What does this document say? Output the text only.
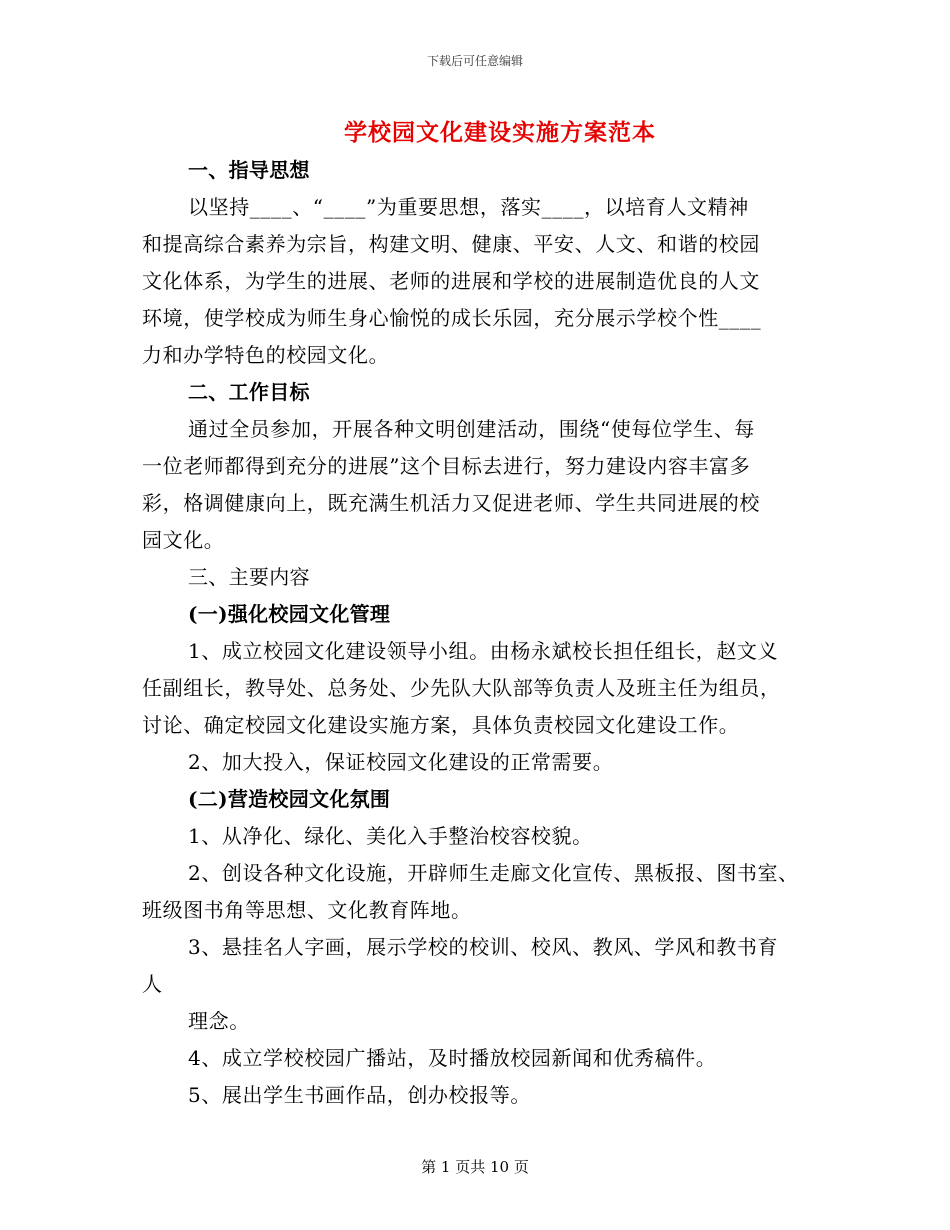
下载后可任意编辑
学校园文化建设实施方案范本
一、指导思想
以坚持____、“____”为重要思想，落实____，以培育人文精神
和提高综合素养为宗旨，构建文明、健康、平安、人文、和谐的校园
文化体系，为学生的进展、老师的进展和学校的进展制造优良的人文
环境，使学校成为师生身心愉悦的成长乐园，充分展示学校个性____
力和办学特色的校园文化。
二、工作目标
通过全员参加，开展各种文明创建活动，围绕“使每位学生、每
一位老师都得到充分的进展”这个目标去进行，努力建设内容丰富多
彩，格调健康向上，既充满生机活力又促进老师、学生共同进展的校
园文化。
三、主要内容
(一)强化校园文化管理
1、成立校园文化建设领导小组。由杨永斌校长担任组长，赵文义
任副组长，教导处、总务处、少先队大队部等负责人及班主任为组员，
讨论、确定校园文化建设实施方案，具体负责校园文化建设工作。
2、加大投入，保证校园文化建设的正常需要。
(二)营造校园文化氛围
1、从净化、绿化、美化入手整治校容校貌。
2、创设各种文化设施，开辟师生走廊文化宣传、黑板报、图书室、
班级图书角等思想、文化教育阵地。
3、悬挂名人字画，展示学校的校训、校风、教风、学风和教书育
人
理念。
4、成立学校校园广播站，及时播放校园新闻和优秀稿件。
5、展出学生书画作品，创办校报等。
第 1 页共 10 页
